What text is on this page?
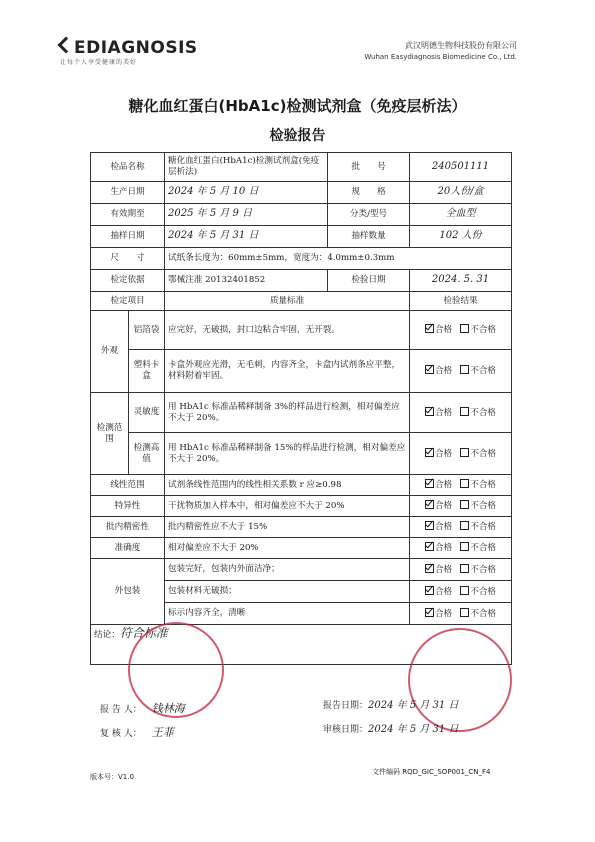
EDIAGNOSIS
让每个人享受健康的美好
武汉明德生物科技股份有限公司
Wuhan Easydiagnosis Biomedicine Co., Ltd.
糖化血红蛋白(HbA1c)检测试剂盒（免疫层析法）
检验报告
检品名称		糖化血红蛋白(HbA1c)检测试剂盒(免疫层析法)	批　　号	240501111
生产日期		2024 年 5 月 10 日	规　　格	20人份/盒
有效期至		2025 年 5 月 9 日	分类/型号	全血型
抽样日期		2024 年 5 月 31 日	抽样数量	102 人份
尺　　寸		试纸条长度为：60mm±5mm，宽度为：4.0mm±0.3mm		
检定依据		鄂械注准 20132401852	检验日期	2024. 5. 31
检定项目		质量标准		检验结果
外观	铝箔袋	应完好，无破损，封口边粘合牢固，无开裂。		合格 不合格
	塑料卡盒	卡盒外观应光滑，无毛刺，内容齐全，卡盒内试剂条应平整，材料附着牢固。		合格 不合格
检测范围	灵敏度	用 HbA1c 标准品稀释制备 3%的样品进行检测，相对偏差应不大于 20%。		合格 不合格
	检测高值	用 HbA1c 标准品稀释制备 15%的样品进行检测，相对偏差应不大于 20%。		合格 不合格
线性范围		试剂条线性范围内的线性相关系数 r 应≥0.98		合格 不合格
特异性		干扰物质加入样本中，相对偏差应不大于 20%		合格 不合格
批内精密性		批内精密性应不大于 15%		合格 不合格
准确度		相对偏差应不大于 20%		合格 不合格
外包装		包装完好，包装内外面洁净；		合格 不合格
		包装材料无破损；		合格 不合格
		标示内容齐全，清晰		合格 不合格
结论：符合标准				
报 告 人： 钱林海
复 核 人： 王菲
报告日期：2024 年 5 月 31 日
审核日期：2024 年 5 月 31 日
版本号：V1.0
文件编码 RQD_GIC_SOP001_CN_F4
